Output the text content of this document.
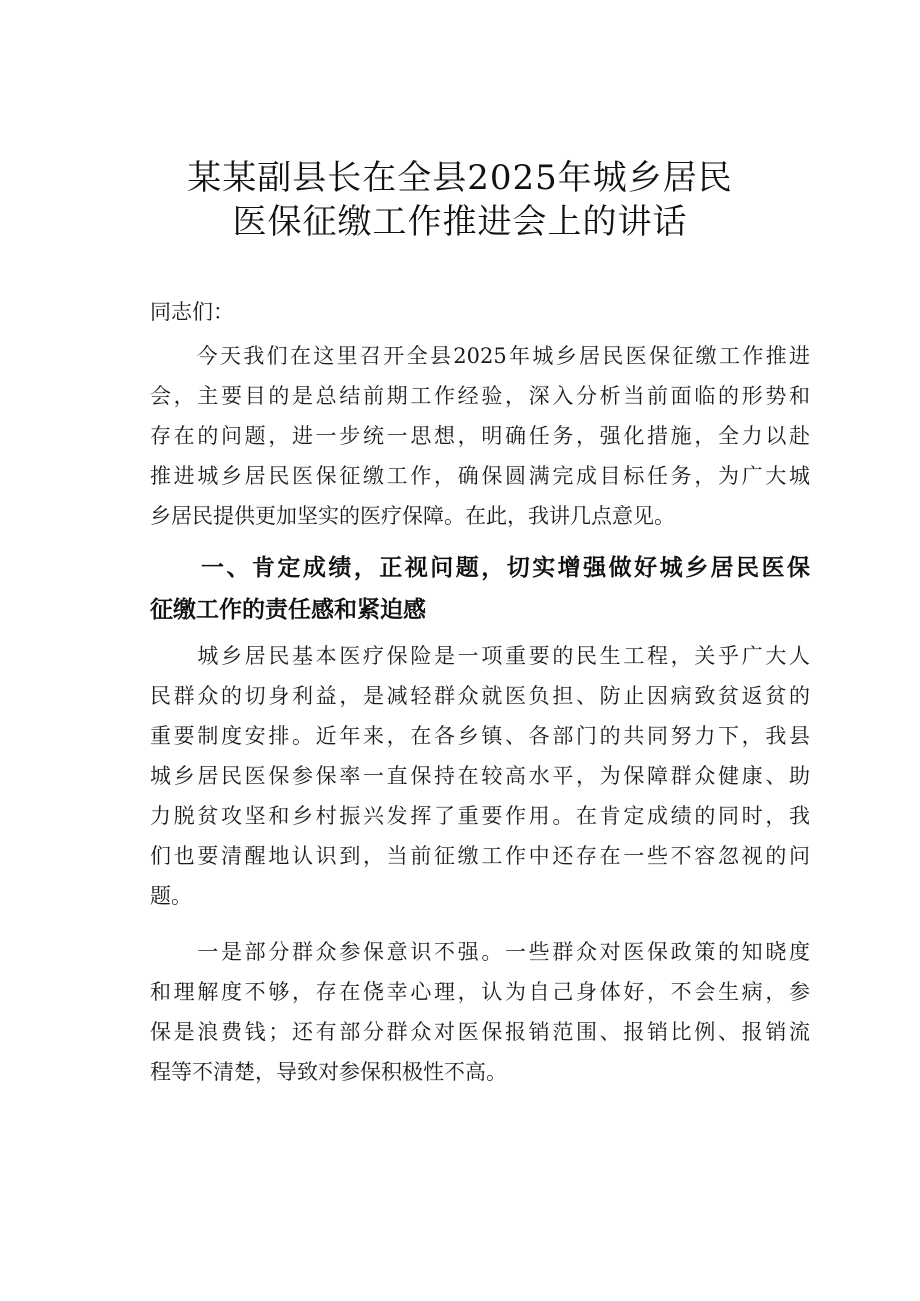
某某副县长在全县2025年城乡居民
医保征缴工作推进会上的讲话
同志们：
　　今天我们在这里召开全县2025年城乡居民医保征缴工作推进
会，主要目的是总结前期工作经验，深入分析当前面临的形势和
存在的问题，进一步统一思想，明确任务，强化措施，全力以赴
推进城乡居民医保征缴工作，确保圆满完成目标任务，为广大城
乡居民提供更加坚实的医疗保障。在此，我讲几点意见。
　　一、肯定成绩，正视问题，切实增强做好城乡居民医保
征缴工作的责任感和紧迫感
　　城乡居民基本医疗保险是一项重要的民生工程，关乎广大人
民群众的切身利益，是减轻群众就医负担、防止因病致贫返贫的
重要制度安排。近年来，在各乡镇、各部门的共同努力下，我县
城乡居民医保参保率一直保持在较高水平，为保障群众健康、助
力脱贫攻坚和乡村振兴发挥了重要作用。在肯定成绩的同时，我
们也要清醒地认识到，当前征缴工作中还存在一些不容忽视的问
题。
　　一是部分群众参保意识不强。一些群众对医保政策的知晓度
和理解度不够，存在侥幸心理，认为自己身体好，不会生病，参
保是浪费钱；还有部分群众对医保报销范围、报销比例、报销流
程等不清楚，导致对参保积极性不高。
